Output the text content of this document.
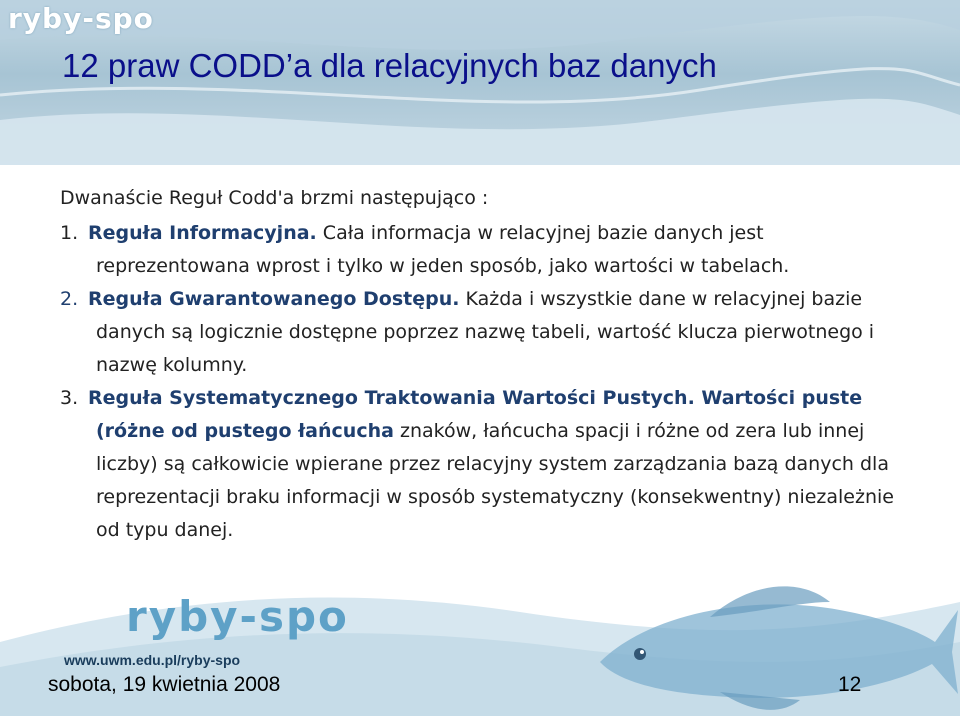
ryby-spo
12 praw CODD’a dla relacyjnych baz danych

Dwanaście Reguł Codd'a brzmi następująco :

1. Reguła Informacyjna. Cała informacja w relacyjnej bazie danych jest reprezentowana wprost i tylko w jeden sposób, jako wartości w tabelach.

2. Reguła Gwarantowanego Dostępu. Każda i wszystkie dane w relacyjnej bazie danych są logicznie dostępne poprzez nazwę tabeli, wartość klucza pierwotnego i nazwę kolumny.

3. Reguła Systematycznego Traktowania Wartości Pustych. Wartości puste (różne od pustego łańcucha znaków, łańcucha spacji i różne od zera lub innej liczby) są całkowicie wpierane przez relacyjny system zarządzania bazą danych dla reprezentacji braku informacji w sposób systematyczny (konsekwentny) niezależnie od typu danej.

ryby-spo
www.uwm.edu.pl/ryby-spo
sobota, 19 kwietnia 2008	12
